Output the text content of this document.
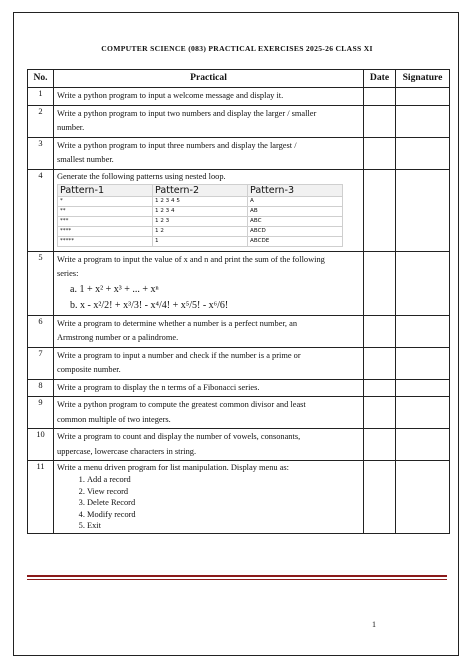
COMPUTER SCIENCE (083) PRACTICAL EXERCISES 2025-26 CLASS XI
No.	Practical	Date	Signature
1	Write a python program to input a welcome message and display it.

2	Write a python program to input two numbers and display the larger / smaller
number.

3	Write a python program to input three numbers and display the largest /
smallest number.

4	Generate the following patterns using nested loop.
Pattern-1	Pattern-2	Pattern-3
*	1 2 3 4 5	A
**	1 2 3 4	AB
***	1 2 3	ABC
****	1 2	ABCD
*****	1	ABCDE

5	Write a program to input the value of x and n and print the sum of the following
series:
a. 1 + x² + x³ + ... + xⁿ
b. x - x²/2! + x³/3! - x⁴/4! + x⁵/5! - x⁶/6!

6	Write a program to determine whether a number is a perfect number, an
Armstrong number or a palindrome.

7	Write a program to input a number and check if the number is a prime or
composite number.

8	Write a program to display the n terms of a Fibonacci series.

9	Write a python program to compute the greatest common divisor and least
common multiple of two integers.

10	Write a program to count and display the number of vowels, consonants,
uppercase, lowercase characters in string.

11	Write a menu driven program for list manipulation. Display menu as:
1. Add a record
2. View record
3. Delete Record
4. Modify record
5. Exit

1
